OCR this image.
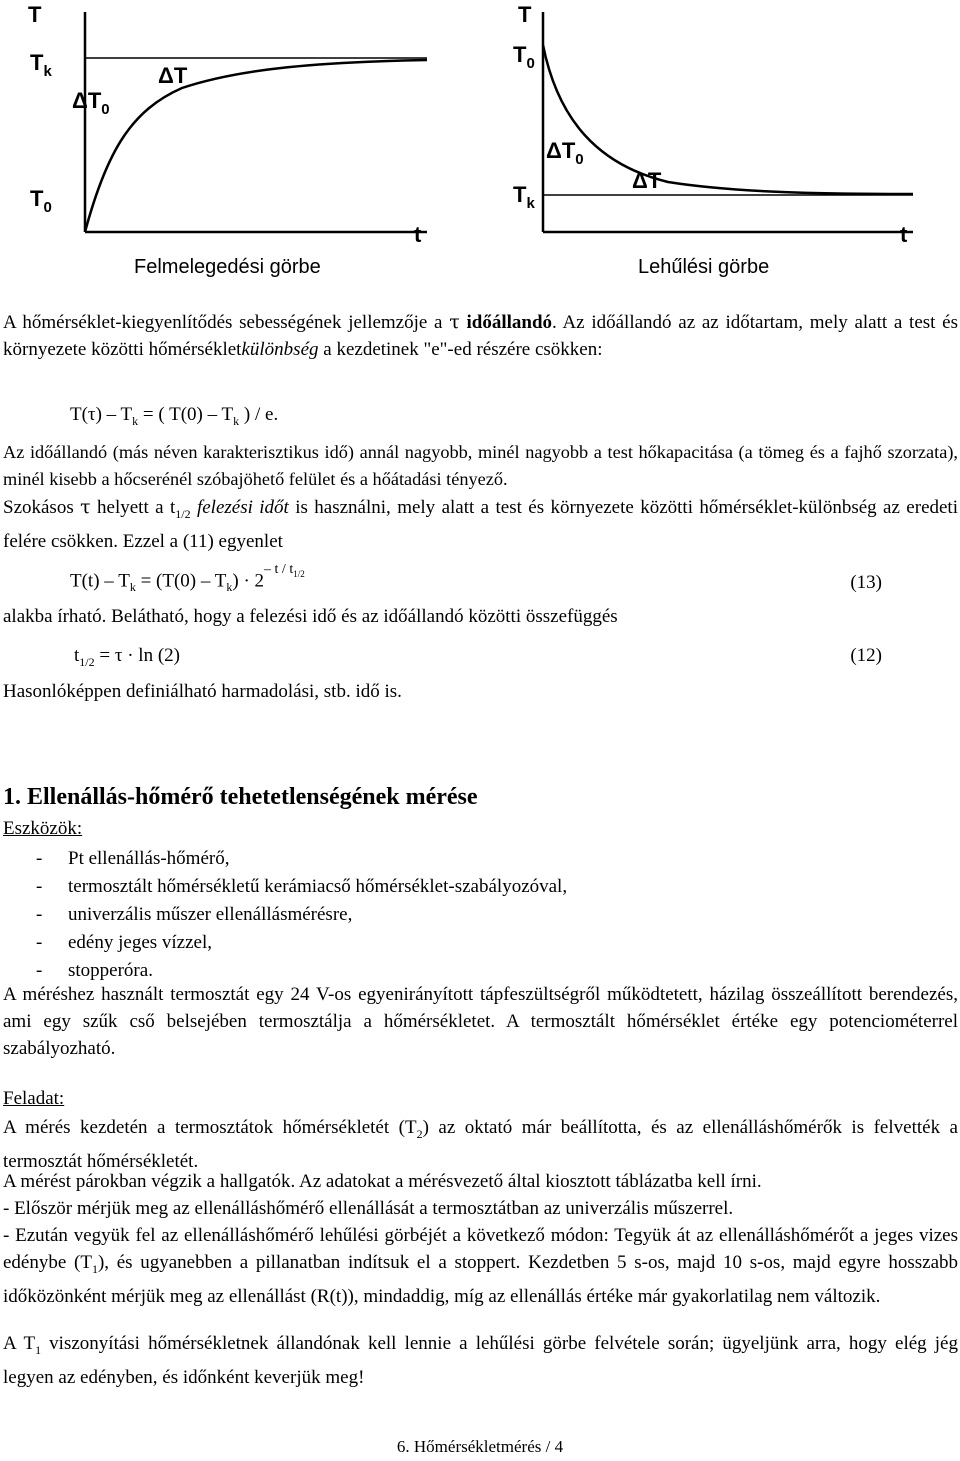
T
$T_k$	ΔT
$\Delta T_0$
$T_0$
t
Felmelegedési görbe
T
$T_0$
$\Delta T_0$
ΔT
$T_k$
t
Lehűlési görbe
A hőmérséklet-kiegyenlítődés sebességének jellemzője a τ időállandó. Az időállandó az az időtartam, mely alatt a test és környezete közötti hőmérsékletkülönbség a kezdetinek "e"-ed részére csökken:
$T(\tau) - T_k$ = ( $T(0) - T_k$ ) / e.
Az időállandó (más néven karakterisztikus idő) annál nagyobb, minél nagyobb a test hőkapacitása (a tömeg és a fajhő szorzata), minél kisebb a hőcserénél szóbajöhető felület és a hőátadási tényező.
Szokásos τ helyett a $t_{1/2}$ felezési időt is használni, mely alatt a test és környezete közötti hőmérséklet-különbség az eredeti felére csökken. Ezzel a (11) egyenlet
$T(t) - T_k = (T(0) - T_k) \cdot 2^{- t / t_{1/2}}$	(13)
alakba írható. Belátható, hogy a felezési idő és az időállandó közötti összefüggés
$t_{1/2} = \tau \cdot \ln (2)$	(12)
Hasonlóképpen definiálható harmadolási, stb. idő is.
1. Ellenállás-hőmérő tehetetlenségének mérése
Eszközök:
- Pt ellenállás-hőmérő,
- termosztált hőmérsékletű kerámiacső hőmérséklet-szabályozóval,
- univerzális műszer ellenállásmérésre,
- edény jeges vízzel,
- stopperóra.
A méréshez használt termosztát egy 24 V-os egyenirányított tápfeszültségről működtetett, házilag összeállított berendezés, ami egy szűk cső belsejében termosztálja a hőmérsékletet. A termosztált hőmérséklet értéke egy potenciométerrel szabályozható.
Feladat:
A mérés kezdetén a termosztátok hőmérsékletét $(T_2)$ az oktató már beállította, és az ellenálláshőmérők is felvették a termosztát hőmérsékletét.
A mérést párokban végzik a hallgatók. Az adatokat a mérésvezető által kiosztott táblázatba kell írni.
- Először mérjük meg az ellenálláshőmérő ellenállását a termosztátban az univerzális műszerrel.
- Ezután vegyük fel az ellenálláshőmérő lehűlési görbéjét a következő módon: Tegyük át az ellenálláshőmérőt a jeges vizes edénybe $(T_1)$, és ugyanebben a pillanatban indítsuk el a stoppert. Kezdetben 5 s-os, majd 10 s-os, majd egyre hosszabb időközönként mérjük meg az ellenállást (R(t)), mindaddig, míg az ellenállás értéke már gyakorlatilag nem változik.
A $T_1$ viszonyítási hőmérsékletnek állandónak kell lennie a lehűlési görbe felvétele során; ügyeljünk arra, hogy elég jég legyen az edényben, és időnként keverjük meg!
6. Hőmérsékletmérés / 4
